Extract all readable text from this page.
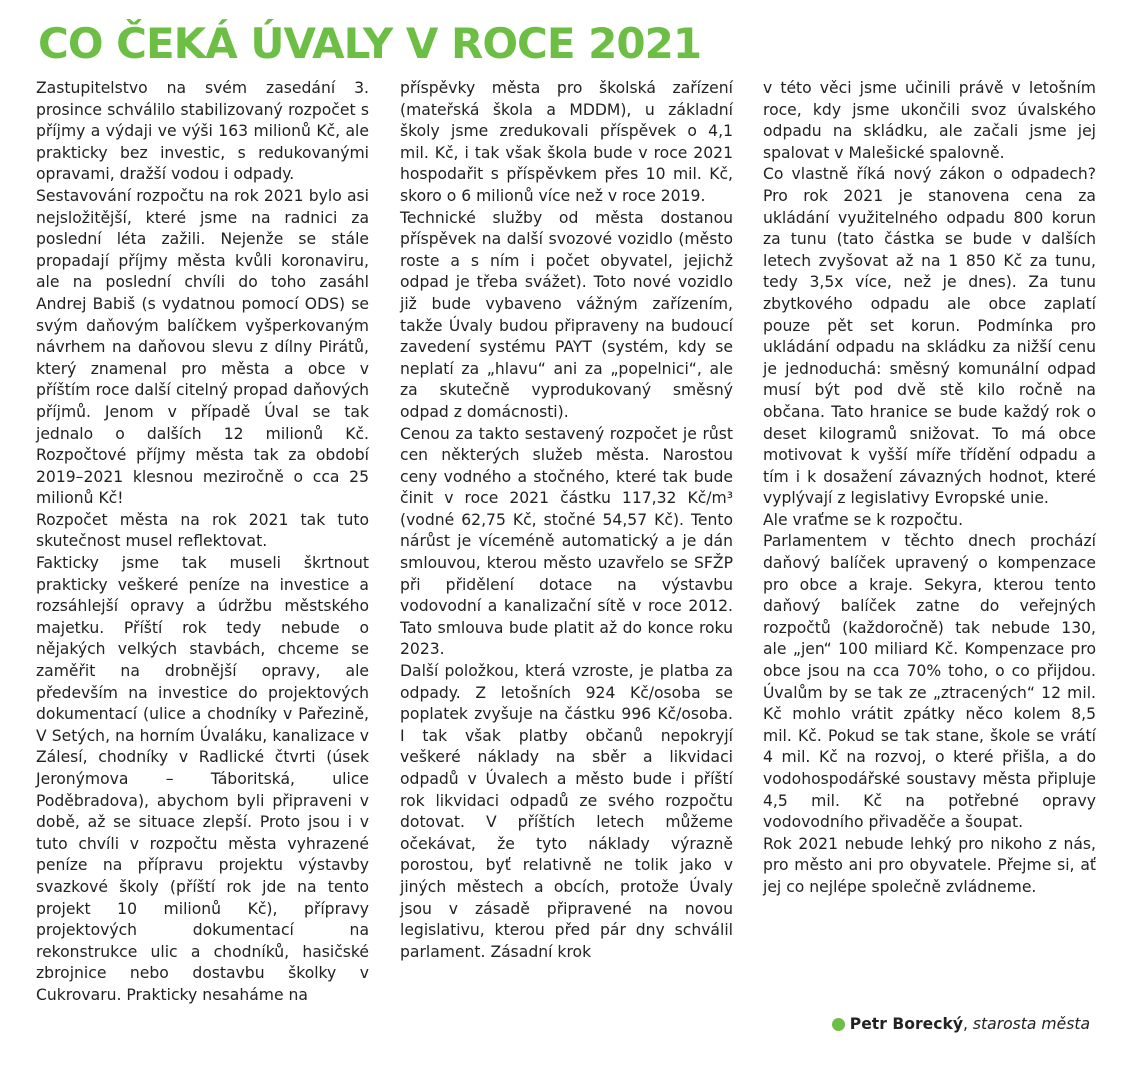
CO ČEKÁ ÚVALY V ROCE 2021

Zastupitelstvo na svém zasedání 3. prosince schválilo stabilizovaný rozpočet s příjmy a výdaji ve výši 163 milionů Kč, ale prakticky bez investic, s redukovanými opravami, dražší vodou i odpady.

Sestavování rozpočtu na rok 2021 bylo asi nejsložitější, které jsme na radnici za poslední léta zažili. Nejenže se stále propadají příjmy města kvůli koronaviru, ale na poslední chvíli do toho zasáhl Andrej Babiš (s vydatnou pomocí ODS) se svým daňovým balíčkem vyšperkovaným návrhem na daňovou slevu z dílny Pirátů, který znamenal pro města a obce v příštím roce další citelný propad daňových příjmů. Jenom v případě Úval se tak jednalo o dalších 12 milionů Kč. Rozpočtové příjmy města tak za období 2019–2021 klesnou meziročně o cca 25 milionů Kč!

Rozpočet města na rok 2021 tak tuto skutečnost musel reflektovat.

Fakticky jsme tak museli škrtnout prakticky veškeré peníze na investice a rozsáhlejší opravy a údržbu městského majetku. Příští rok tedy nebude o nějakých velkých stavbách, chceme se zaměřit na drobnější opravy, ale především na investice do projektových dokumentací (ulice a chodníky v Pařezině, V Setých, na horním Úvaláku, kanalizace v Zálesí, chodníky v Radlické čtvrti (úsek Jeronýmova – Táboritská, ulice Poděbradova), abychom byli připraveni v době, až se situace zlepší. Proto jsou i v tuto chvíli v rozpočtu města vyhrazené peníze na přípravu projektu výstavby svazkové školy (příští rok jde na tento projekt 10 milionů Kč), přípravy projektových dokumentací na rekonstrukce ulic a chodníků, hasičské zbrojnice nebo dostavbu školky v Cukrovaru. Prakticky nesaháme na

příspěvky města pro školská zařízení (mateřská škola a MDDM), u základní školy jsme zredukovali příspěvek o 4,1 mil. Kč, i tak však škola bude v roce 2021 hospodařit s příspěvkem přes 10 mil. Kč, skoro o 6 milionů více než v roce 2019.

Technické služby od města dostanou příspěvek na další svozové vozidlo (město roste a s ním i počet obyvatel, jejichž odpad je třeba svážet). Toto nové vozidlo již bude vybaveno vážným zařízením, takže Úvaly budou připraveny na budoucí zavedení systému PAYT (systém, kdy se neplatí za „hlavu“ ani za „popelnici“, ale za skutečně vyprodukovaný směsný odpad z domácnosti).

Cenou za takto sestavený rozpočet je růst cen některých služeb města. Narostou ceny vodného a stočného, které tak bude činit v roce 2021 částku 117,32 Kč/m³ (vodné 62,75 Kč, stočné 54,57 Kč). Tento nárůst je víceméně automatický a je dán smlouvou, kterou město uzavřelo se SFŽP při přidělení dotace na výstavbu vodovodní a kanalizační sítě v roce 2012. Tato smlouva bude platit až do konce roku 2023.

Další položkou, která vzroste, je platba za odpady. Z letošních 924 Kč/osoba se poplatek zvyšuje na částku 996 Kč/osoba. I tak však platby občanů nepokryjí veškeré náklady na sběr a likvidaci odpadů v Úvalech a město bude i příští rok likvidaci odpadů ze svého rozpočtu dotovat. V příštích letech můžeme očekávat, že tyto náklady výrazně porostou, byť relativně ne tolik jako v jiných městech a obcích, protože Úvaly jsou v zásadě připravené na novou legislativu, kterou před pár dny schválil parlament. Zásadní krok

v této věci jsme učinili právě v letošním roce, kdy jsme ukončili svoz úvalského odpadu na skládku, ale začali jsme jej spalovat v Malešické spalovně.

Co vlastně říká nový zákon o odpadech? Pro rok 2021 je stanovena cena za ukládání využitelného odpadu 800 korun za tunu (tato částka se bude v dalších letech zvyšovat až na 1 850 Kč za tunu, tedy 3,5x více, než je dnes). Za tunu zbytkového odpadu ale obce zaplatí pouze pět set korun. Podmínka pro ukládání odpadu na skládku za nižší cenu je jednoduchá: směsný komunální odpad musí být pod dvě stě kilo ročně na občana. Tato hranice se bude každý rok o deset kilogramů snižovat. To má obce motivovat k vyšší míře třídění odpadu a tím i k dosažení závazných hodnot, které vyplývají z legislativy Evropské unie.

Ale vraťme se k rozpočtu.

Parlamentem v těchto dnech prochází daňový balíček upravený o kompenzace pro obce a kraje. Sekyra, kterou tento daňový balíček zatne do veřejných rozpočtů (každoročně) tak nebude 130, ale „jen“ 100 miliard Kč. Kompenzace pro obce jsou na cca 70% toho, o co přijdou. Úvalům by se tak ze „ztracených“ 12 mil. Kč mohlo vrátit zpátky něco kolem 8,5 mil. Kč. Pokud se tak stane, škole se vrátí 4 mil. Kč na rozvoj, o které přišla, a do vodohospodářské soustavy města připluje 4,5 mil. Kč na potřebné opravy vodovodního přivaděče a šoupat.

Rok 2021 nebude lehký pro nikoho z nás, pro město ani pro obyvatele. Přejme si, ať jej co nejlépe společně zvládneme.

Petr Borecký , starosta města
